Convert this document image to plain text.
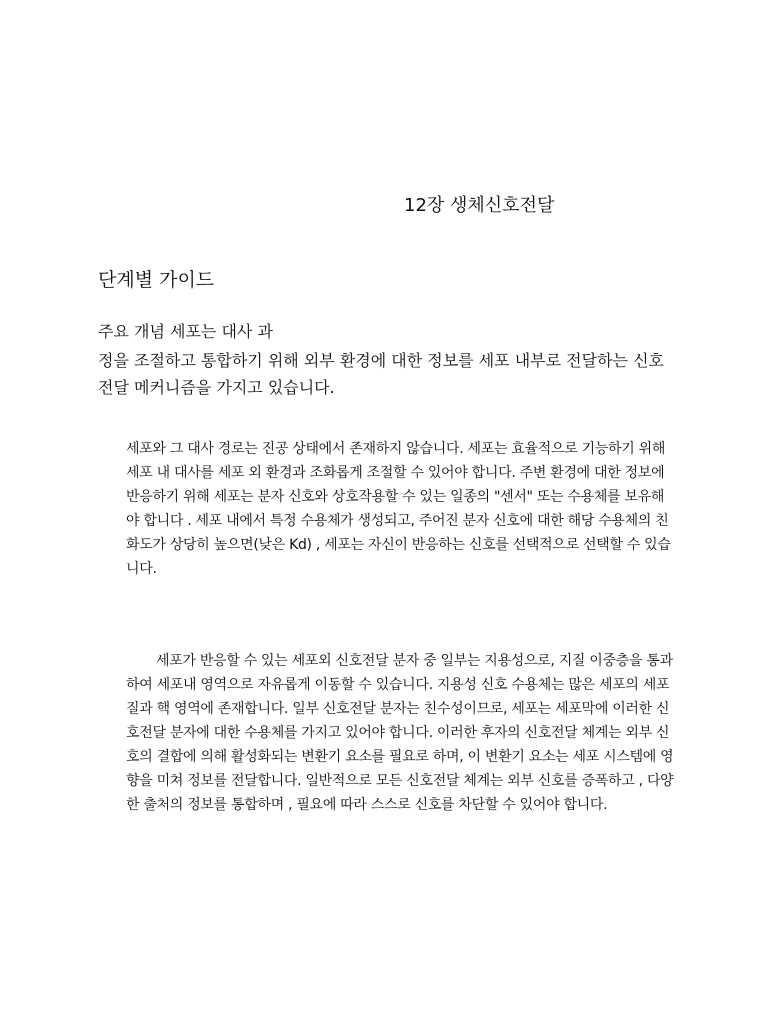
12장 생체신호전달
단계별 가이드

주요 개념 세포는 대사 과

정을 조절하고 통합하기 위해 외부 환경에 대한 정보를 세포 내부로 전달하는 신호 전달 메커니즘을 가지고 있습니다.

세포와 그 대사 경로는 진공 상태에서 존재하지 않습니다. 세포는 효율적으로 기능하기 위해 세포 내 대사를 세포 외 환경과 조화롭게 조절할 수 있어야 합니다. 주변 환경에 대한 정보에 반응하기 위해 세포는 분자 신호와 상호작용할 수 있는 일종의 "센서" 또는 수용체를 보유해야 합니다 . 세포 내에서 특정 수용체가 생성되고, 주어진 분자 신호에 대한 해당 수용체의 친화도가 상당히 높으면(낮은 Kd) , 세포는 자신이 반응하는 신호를 선택적으로 선택할 수 있습니다.

세포가 반응할 수 있는 세포외 신호전달 분자 중 일부는 지용성으로, 지질 이중층을 통과하여 세포내 영역으로 자유롭게 이동할 수 있습니다. 지용성 신호 수용체는 많은 세포의 세포질과 핵 영역에 존재합니다. 일부 신호전달 분자는 친수성이므로, 세포는 세포막에 이러한 신호전달 분자에 대한 수용체를 가지고 있어야 합니다. 이러한 후자의 신호전달 체계는 외부 신호의 결합에 의해 활성화되는 변환기 요소를 필요로 하며, 이 변환기 요소는 세포 시스템에 영향을 미쳐 정보를 전달합니다. 일반적으로 모든 신호전달 체계는 외부 신호를 증폭하고 , 다양한 출처의 정보를 통합하며 , 필요에 따라 스스로 신호를 차단할 수 있어야 합니다.
